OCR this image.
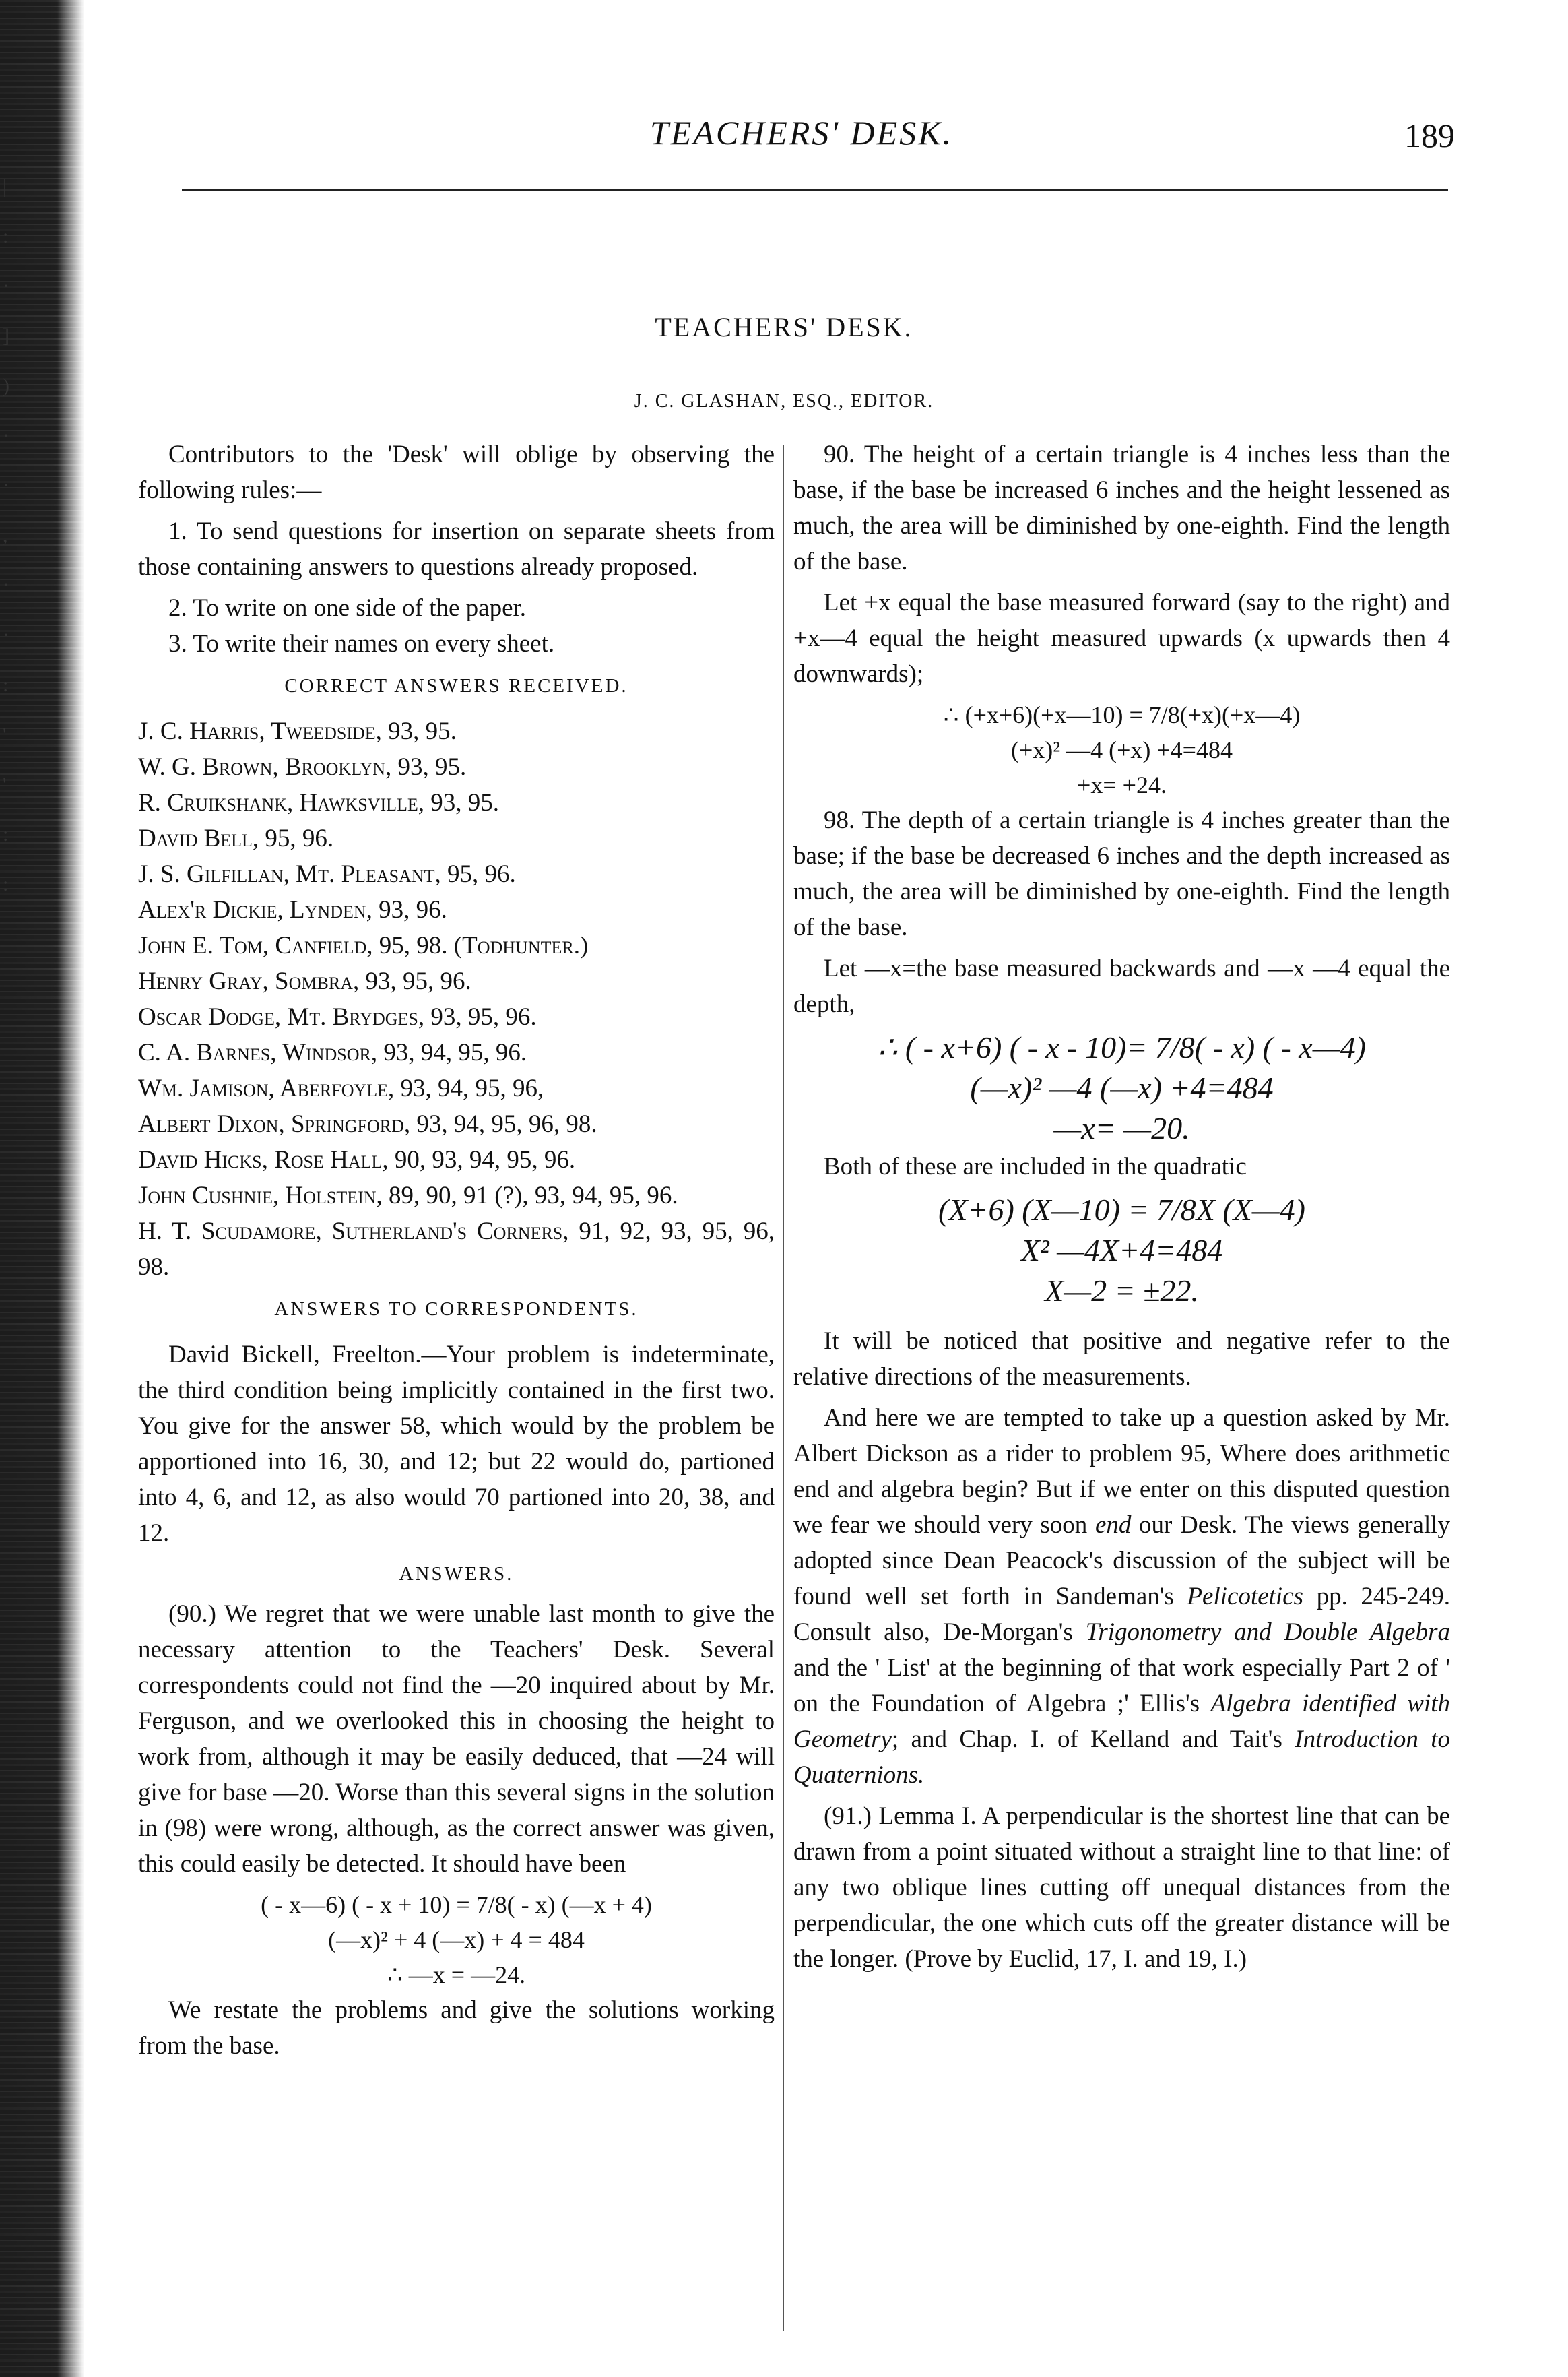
|
:
·
]
)
·
·
,
·
·
:
'
'
:
:
TEACHERS' DESK.	189
TEACHERS' DESK.
J. C. GLASHAN, ESQ., EDITOR.

Contributors to the 'Desk' will oblige by observing the following rules:—

1. To send questions for insertion on separate sheets from those containing answers to questions already proposed.

2. To write on one side of the paper.

3. To write their names on every sheet.

CORRECT ANSWERS RECEIVED.

J. C. Harris, Tweedside, 93, 95.

W. G. Brown, Brooklyn, 93, 95.

R. Cruikshank, Hawksville, 93, 95.

David Bell, 95, 96.

J. S. Gilfillan, Mt. Pleasant, 95, 96.

Alex'r Dickie, Lynden, 93, 96.

John E. Tom, Canfield, 95, 98. (Todhunter.)

Henry Gray, Sombra, 93, 95, 96.

Oscar Dodge, Mt. Brydges, 93, 95, 96.

C. A. Barnes, Windsor, 93, 94, 95, 96.

Wm. Jamison, Aberfoyle, 93, 94, 95, 96,

Albert Dixon, Springford, 93, 94, 95, 96, 98.

David Hicks, Rose Hall, 90, 93, 94, 95, 96.

John Cushnie, Holstein, 89, 90, 91 (?), 93, 94, 95, 96.

H. T. Scudamore, Sutherland's Corners, 91, 92, 93, 95, 96, 98.

ANSWERS TO CORRESPONDENTS.

David Bickell, Freelton.—Your problem is indeterminate, the third condition being implicitly contained in the first two. You give for the answer 58, which would by the problem be apportioned into 16, 30, and 12; but 22 would do, partioned into 4, 6, and 12, as also would 70 partioned into 20, 38, and 12.

ANSWERS.

(90.) We regret that we were unable last month to give the necessary attention to the Teachers' Desk. Several correspondents could not find the —20 inquired about by Mr. Ferguson, and we overlooked this in choosing the height to work from, although it may be easily deduced, that —24 will give for base —20. Worse than this several signs in the solution in (98) were wrong, although, as the correct answer was given, this could easily be detected. It should have been

( - x—6) ( - x + 10) = 7/8( - x) (—x + 4)

(—x)² + 4 (—x) + 4 = 484

∴ —x = —24.

We restate the problems and give the solutions working from the base.

90. The height of a certain triangle is 4 inches less than the base, if the base be increased 6 inches and the height lessened as much, the area will be diminished by one-eighth. Find the length of the base.

Let +x equal the base measured forward (say to the right) and +x—4 equal the height measured upwards (x upwards then 4 downwards);

∴ (+x+6)(+x—10) = 7/8(+x)(+x—4)

(+x)² —4 (+x) +4=484

+x= +24.

98. The depth of a certain triangle is 4 inches greater than the base; if the base be decreased 6 inches and the depth increased as much, the area will be diminished by one-eighth. Find the length of the base.

Let —x=the base measured backwards and —x —4 equal the depth,

∴ ( - x+6) ( - x - 10)= 7/8( - x) ( - x—4)

(—x)² —4 (—x) +4=484

—x= —20.

Both of these are included in the quadratic

(X+6) (X—10) = 7/8X (X—4)

X² —4X+4=484

X—2 = ±22.

It will be noticed that positive and negative refer to the relative directions of the measurements.

And here we are tempted to take up a question asked by Mr. Albert Dickson as a rider to problem 95, Where does arithmetic end and algebra begin? But if we enter on this disputed question we fear we should very soon end our Desk. The views generally adopted since Dean Peacock's discussion of the subject will be found well set forth in Sandeman's Pelicotetics pp. 245-249. Consult also, De-Morgan's Trigonometry and Double Algebra and the ' List' at the beginning of that work especially Part 2 of ' on the Foundation of Algebra ;' Ellis's Algebra identified with Geometry; and Chap. I. of Kelland and Tait's Introduction to Quaternions.

(91.) Lemma I. A perpendicular is the shortest line that can be drawn from a point situated without a straight line to that line: of any two oblique lines cutting off unequal distances from the perpendicular, the one which cuts off the greater distance will be the longer. (Prove by Euclid, 17, I. and 19, I.)
